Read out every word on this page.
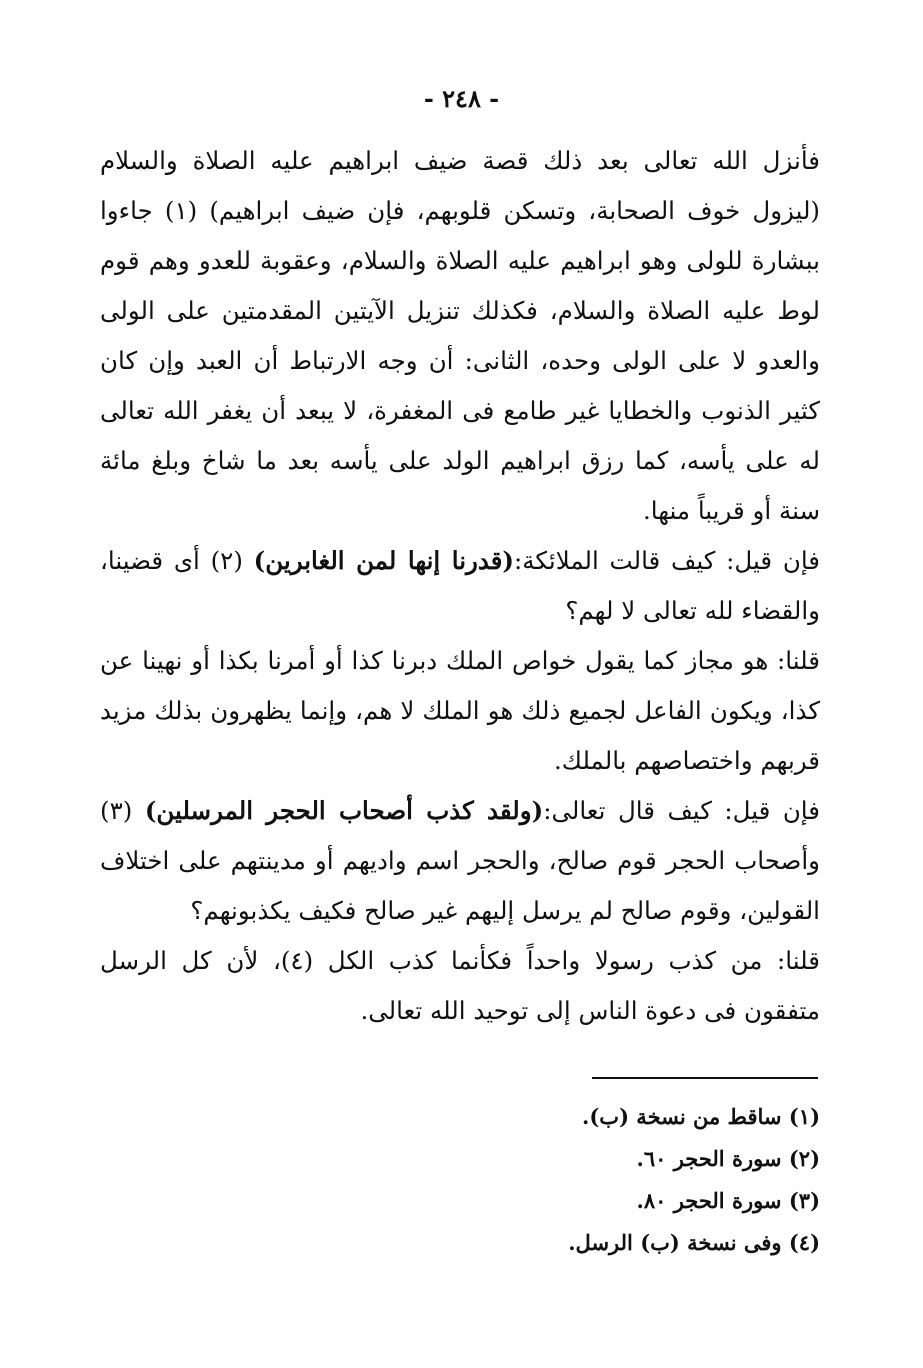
- ٢٤٨ -

فأنزل الله تعالى بعد ذلك قصة ضيف ابراهيم عليه الصلاة والسلام (ليزول خوف الصحابة، وتسكن قلوبهم، فإن ضيف ابراهيم) (١) جاءوا ببشارة للولى وهو ابراهيم عليه الصلاة والسلام، وعقوبة للعدو وهم قوم لوط عليه الصلاة والسلام، فكذلك تنزيل الآيتين المقدمتين على الولى والعدو لا على الولى وحده، الثانى: أن وجه الارتباط أن العبد وإن كان كثير الذنوب والخطايا غير طامع فى المغفرة، لا يبعد أن يغفر الله تعالى له على يأسه، كما رزق ابراهيم الولد على يأسه بعد ما شاخ وبلغ مائة سنة أو قريباً منها.

فإن قيل: كيف قالت الملائكة:(قدرنا إنها لمن الغابرين) (٢) أى قضينا، والقضاء لله تعالى لا لهم؟

قلنا: هو مجاز كما يقول خواص الملك دبرنا كذا أو أمرنا بكذا أو نهينا عن كذا، ويكون الفاعل لجميع ذلك هو الملك لا هم، وإنما يظهرون بذلك مزيد قربهم واختصاصهم بالملك.

فإن قيل: كيف قال تعالى:(ولقد كذب أصحاب الحجر المرسلين) (٣) وأصحاب الحجر قوم صالح، والحجر اسم واديهم أو مدينتهم على اختلاف القولين، وقوم صالح لم يرسل إليهم غير صالح فكيف يكذبونهم؟

قلنا: من كذب رسولا واحداً فكأنما كذب الكل (٤)، لأن كل الرسل متفقون فى دعوة الناس إلى توحيد الله تعالى.

(١) ساقط من نسخة (ب).

(٢) سورة الحجر ٦٠.

(٣) سورة الحجر ٨٠.

(٤) وفى نسخة (ب) الرسل.
